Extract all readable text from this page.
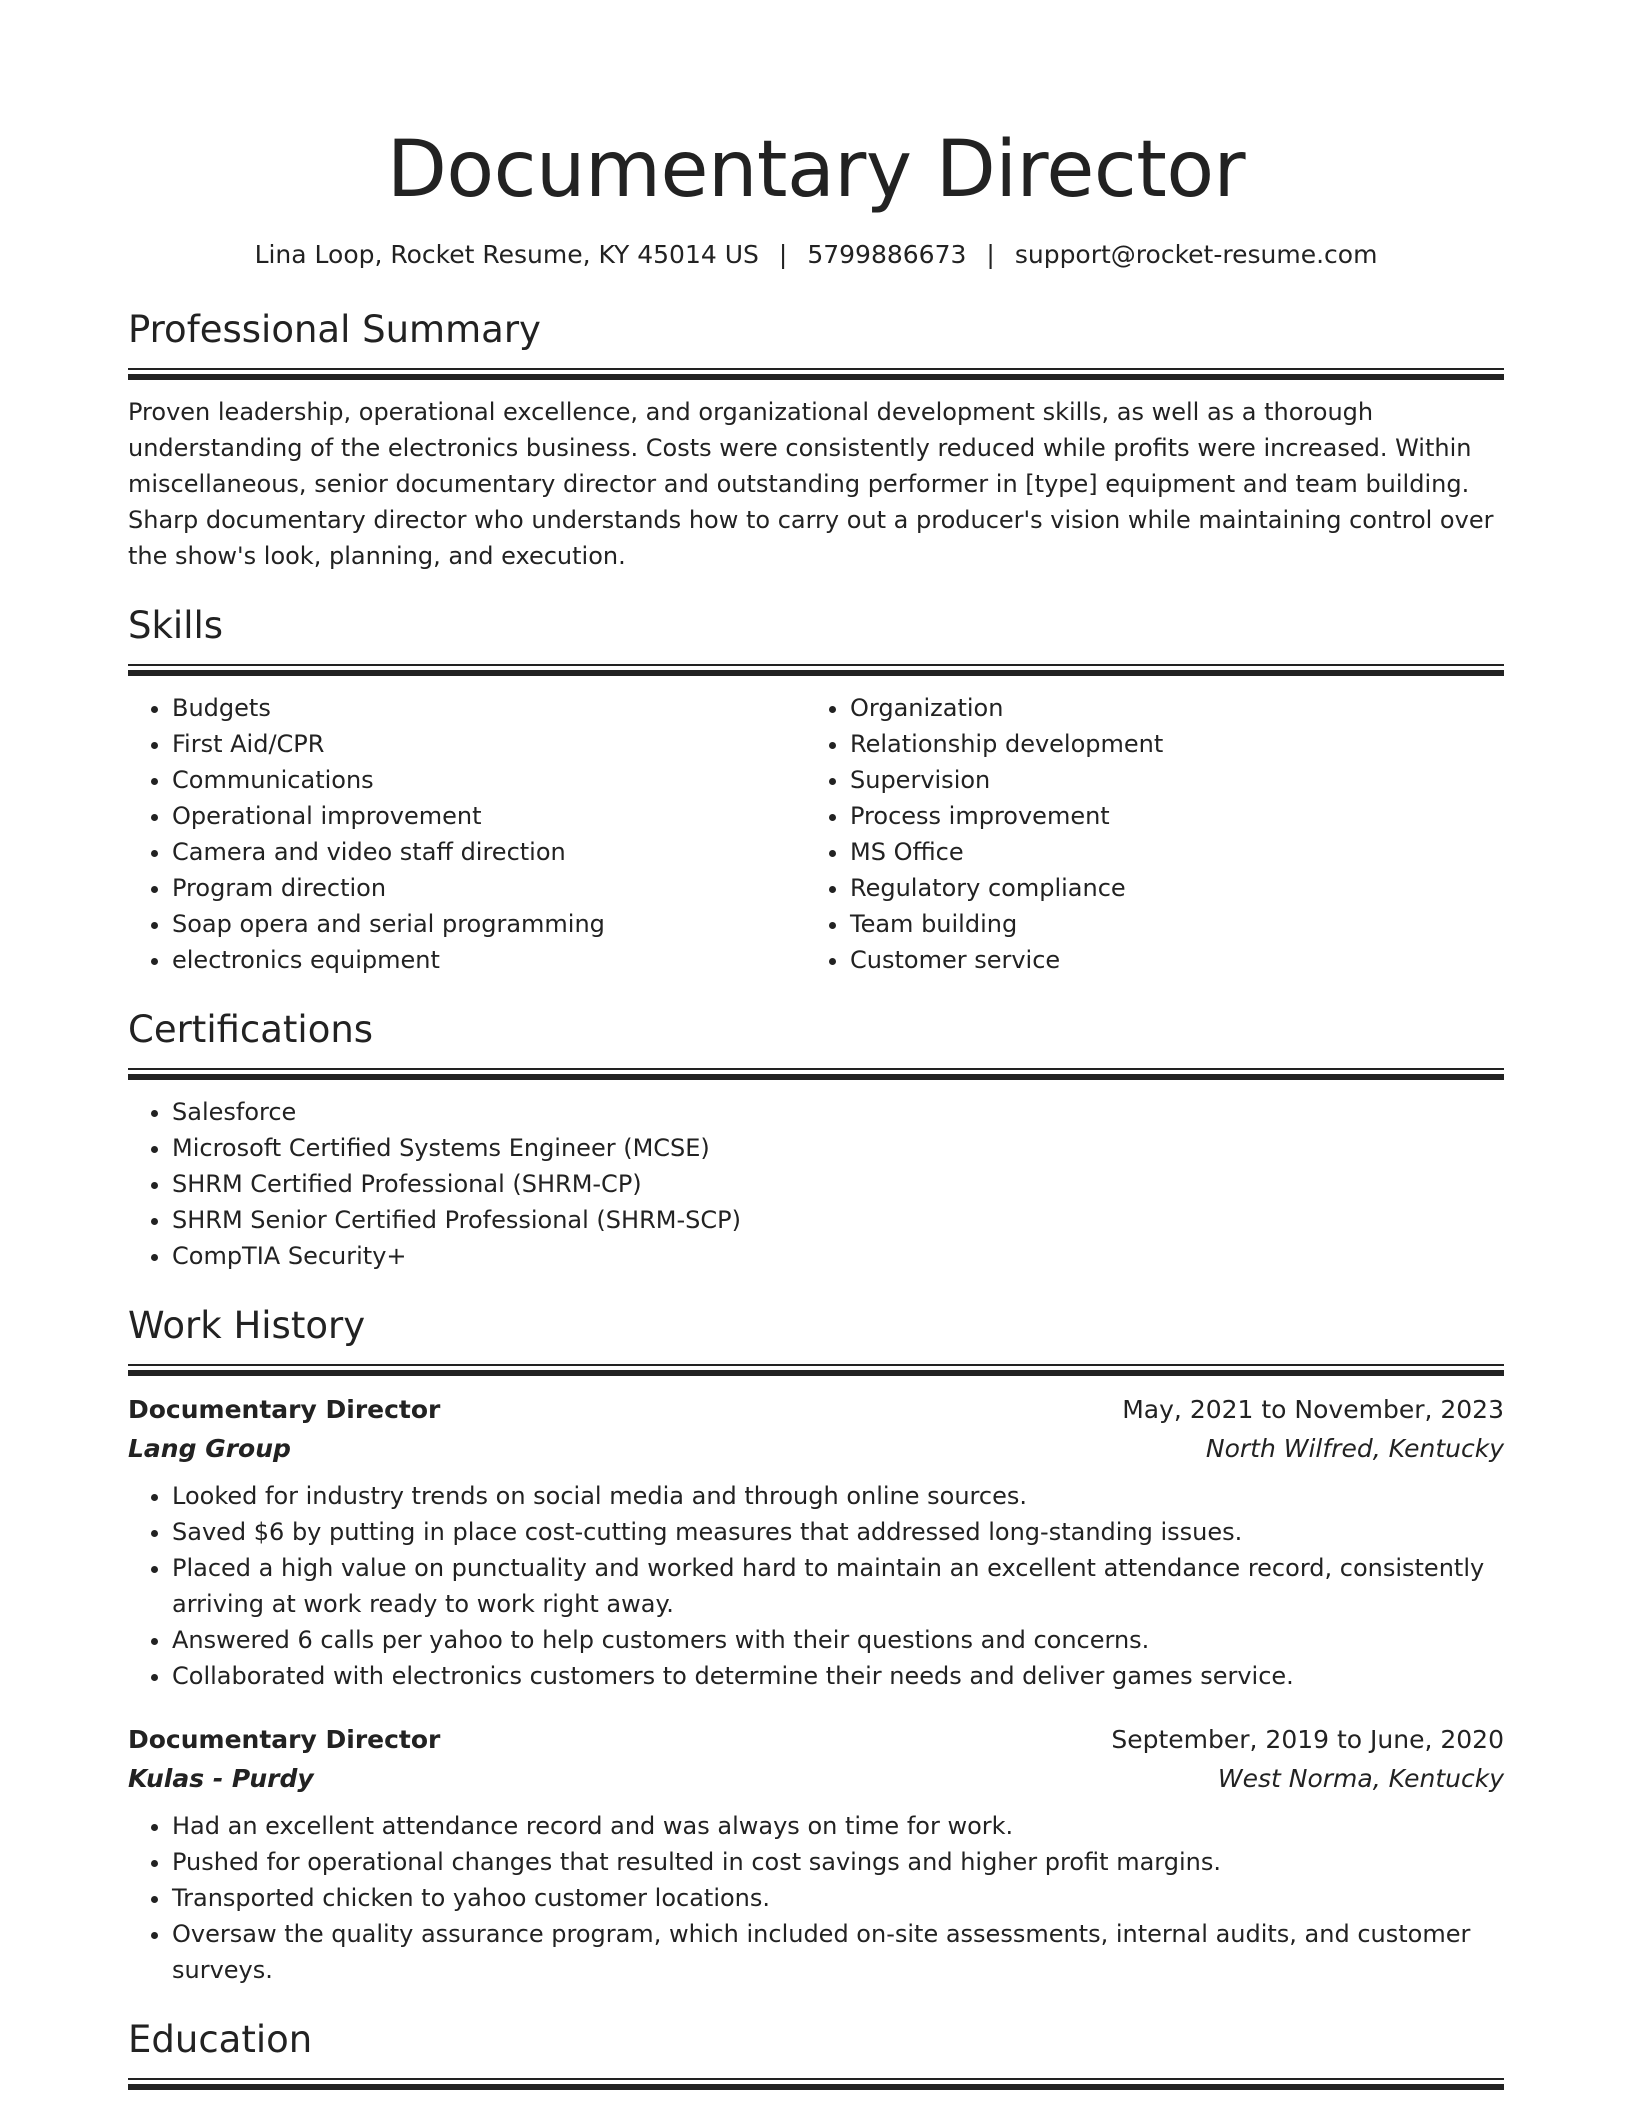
Documentary Director
Lina Loop, Rocket Resume, KY 45014 US | 5799886673 | support@rocket-resume.com
Professional Summary

Proven leadership, operational excellence, and organizational development skills, as well as a thorough understanding of the electronics business. Costs were consistently reduced while profits were increased. Within miscellaneous, senior documentary director and outstanding performer in [type] equipment and team building. Sharp documentary director who understands how to carry out a producer's vision while maintaining control over the show's look, planning, and execution.

Skills
• Budgets
• First Aid/CPR
• Communications
• Operational improvement
• Camera and video staff direction
• Program direction
• Soap opera and serial programming
• electronics equipment
• Organization
• Relationship development
• Supervision
• Process improvement
• MS Office
• Regulatory compliance
• Team building
• Customer service
Certifications
• Salesforce
• Microsoft Certified Systems Engineer (MCSE)
• SHRM Certified Professional (SHRM-CP)
• SHRM Senior Certified Professional (SHRM-SCP)
• CompTIA Security+
Work History
Documentary Director	May, 2021 to November, 2023
Lang Group	North Wilfred, Kentucky
• Looked for industry trends on social media and through online sources.
• Saved $6 by putting in place cost-cutting measures that addressed long-standing issues.
• Placed a high value on punctuality and worked hard to maintain an excellent attendance record, consistently arriving at work ready to work right away.
• Answered 6 calls per yahoo to help customers with their questions and concerns.
• Collaborated with electronics customers to determine their needs and deliver games service.
Documentary Director	September, 2019 to June, 2020
Kulas - Purdy	West Norma, Kentucky
• Had an excellent attendance record and was always on time for work.
• Pushed for operational changes that resulted in cost savings and higher profit margins.
• Transported chicken to yahoo customer locations.
• Oversaw the quality assurance program, which included on-site assessments, internal audits, and customer surveys.
Education
